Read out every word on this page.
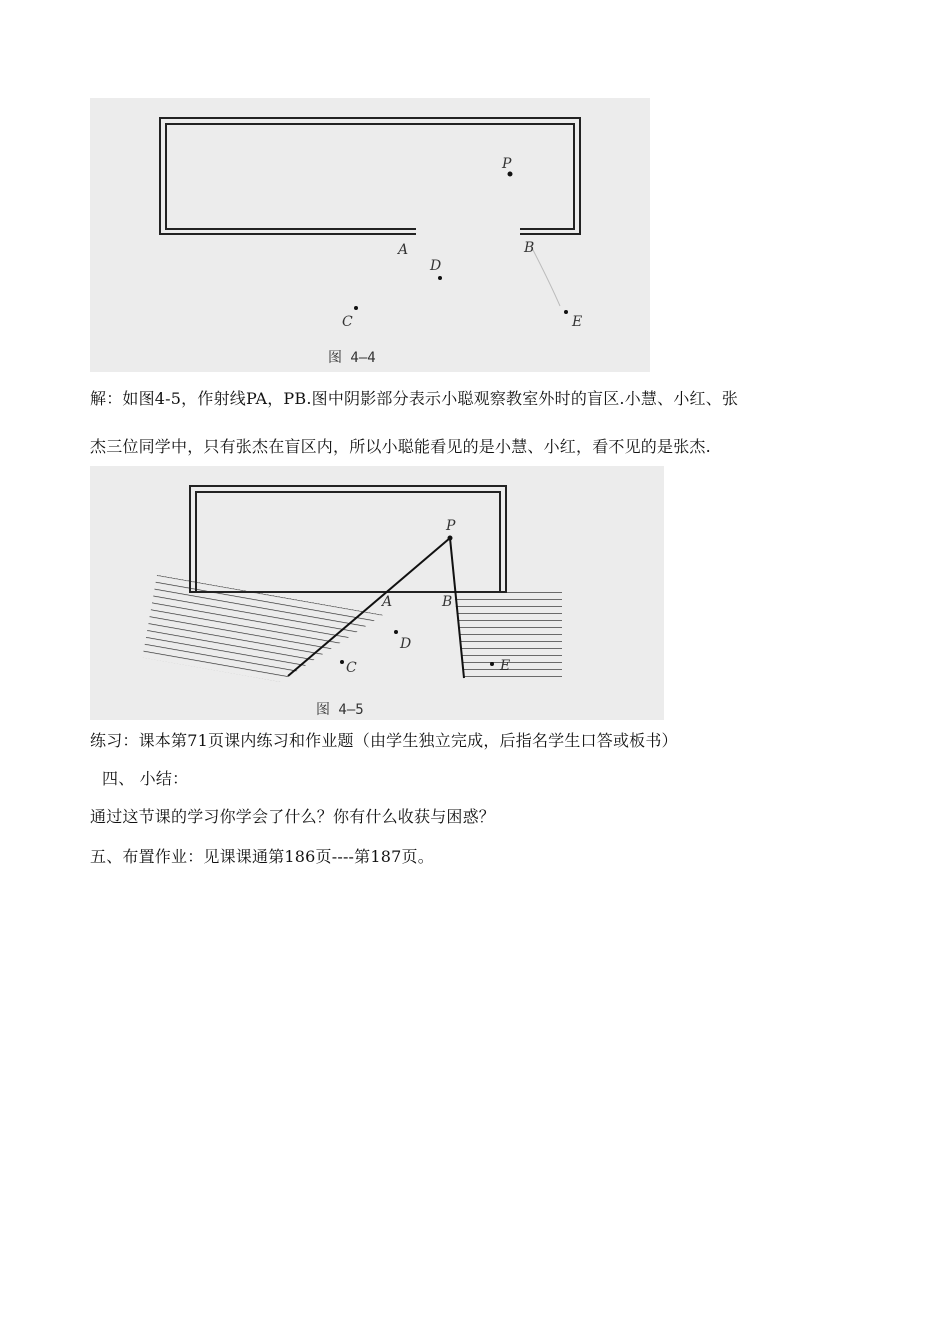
P
A	B
D
C	E
图 4—4
解：如图4-5，作射线PA，PB.图中阴影部分表示小聪观察教室外时的盲区.小慧、小红、张
杰三位同学中，只有张杰在盲区内，所以小聪能看见的是小慧、小红，看不见的是张杰.
P
A	B
D
C	E
图 4—5
练习：课本第71页课内练习和作业题（由学生独立完成，后指名学生口答或板书）
四、 小结：
通过这节课的学习你学会了什么？你有什么收获与困惑？
五、布置作业：见课课通第186页----第187页。
